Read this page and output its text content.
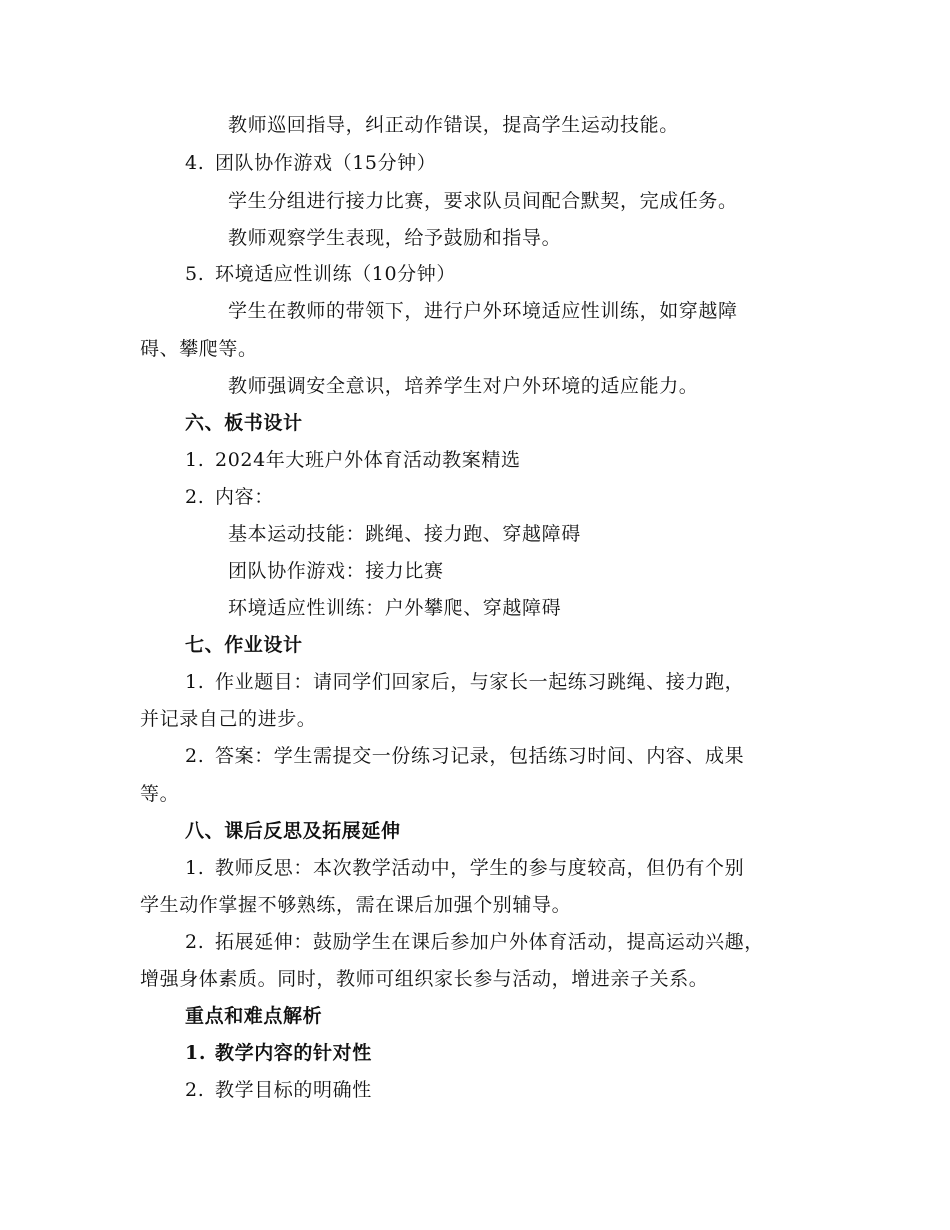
教师巡回指导，纠正动作错误，提高学生运动技能。
4. 团队协作游戏（15分钟）
学生分组进行接力比赛，要求队员间配合默契，完成任务。
教师观察学生表现，给予鼓励和指导。
5. 环境适应性训练（10分钟）
学生在教师的带领下，进行户外环境适应性训练，如穿越障
碍、攀爬等。
教师强调安全意识，培养学生对户外环境的适应能力。
六、板书设计
1. 2024年大班户外体育活动教案精选
2. 内容：
基本运动技能：跳绳、接力跑、穿越障碍
团队协作游戏：接力比赛
环境适应性训练：户外攀爬、穿越障碍
七、作业设计
1. 作业题目：请同学们回家后，与家长一起练习跳绳、接力跑，
并记录自己的进步。
2. 答案：学生需提交一份练习记录，包括练习时间、内容、成果
等。
八、课后反思及拓展延伸
1. 教师反思：本次教学活动中，学生的参与度较高，但仍有个别
学生动作掌握不够熟练，需在课后加强个别辅导。
2. 拓展延伸：鼓励学生在课后参加户外体育活动，提高运动兴趣，
增强身体素质。同时，教师可组织家长参与活动，增进亲子关系。
重点和难点解析
1. 教学内容的针对性
2. 教学目标的明确性
